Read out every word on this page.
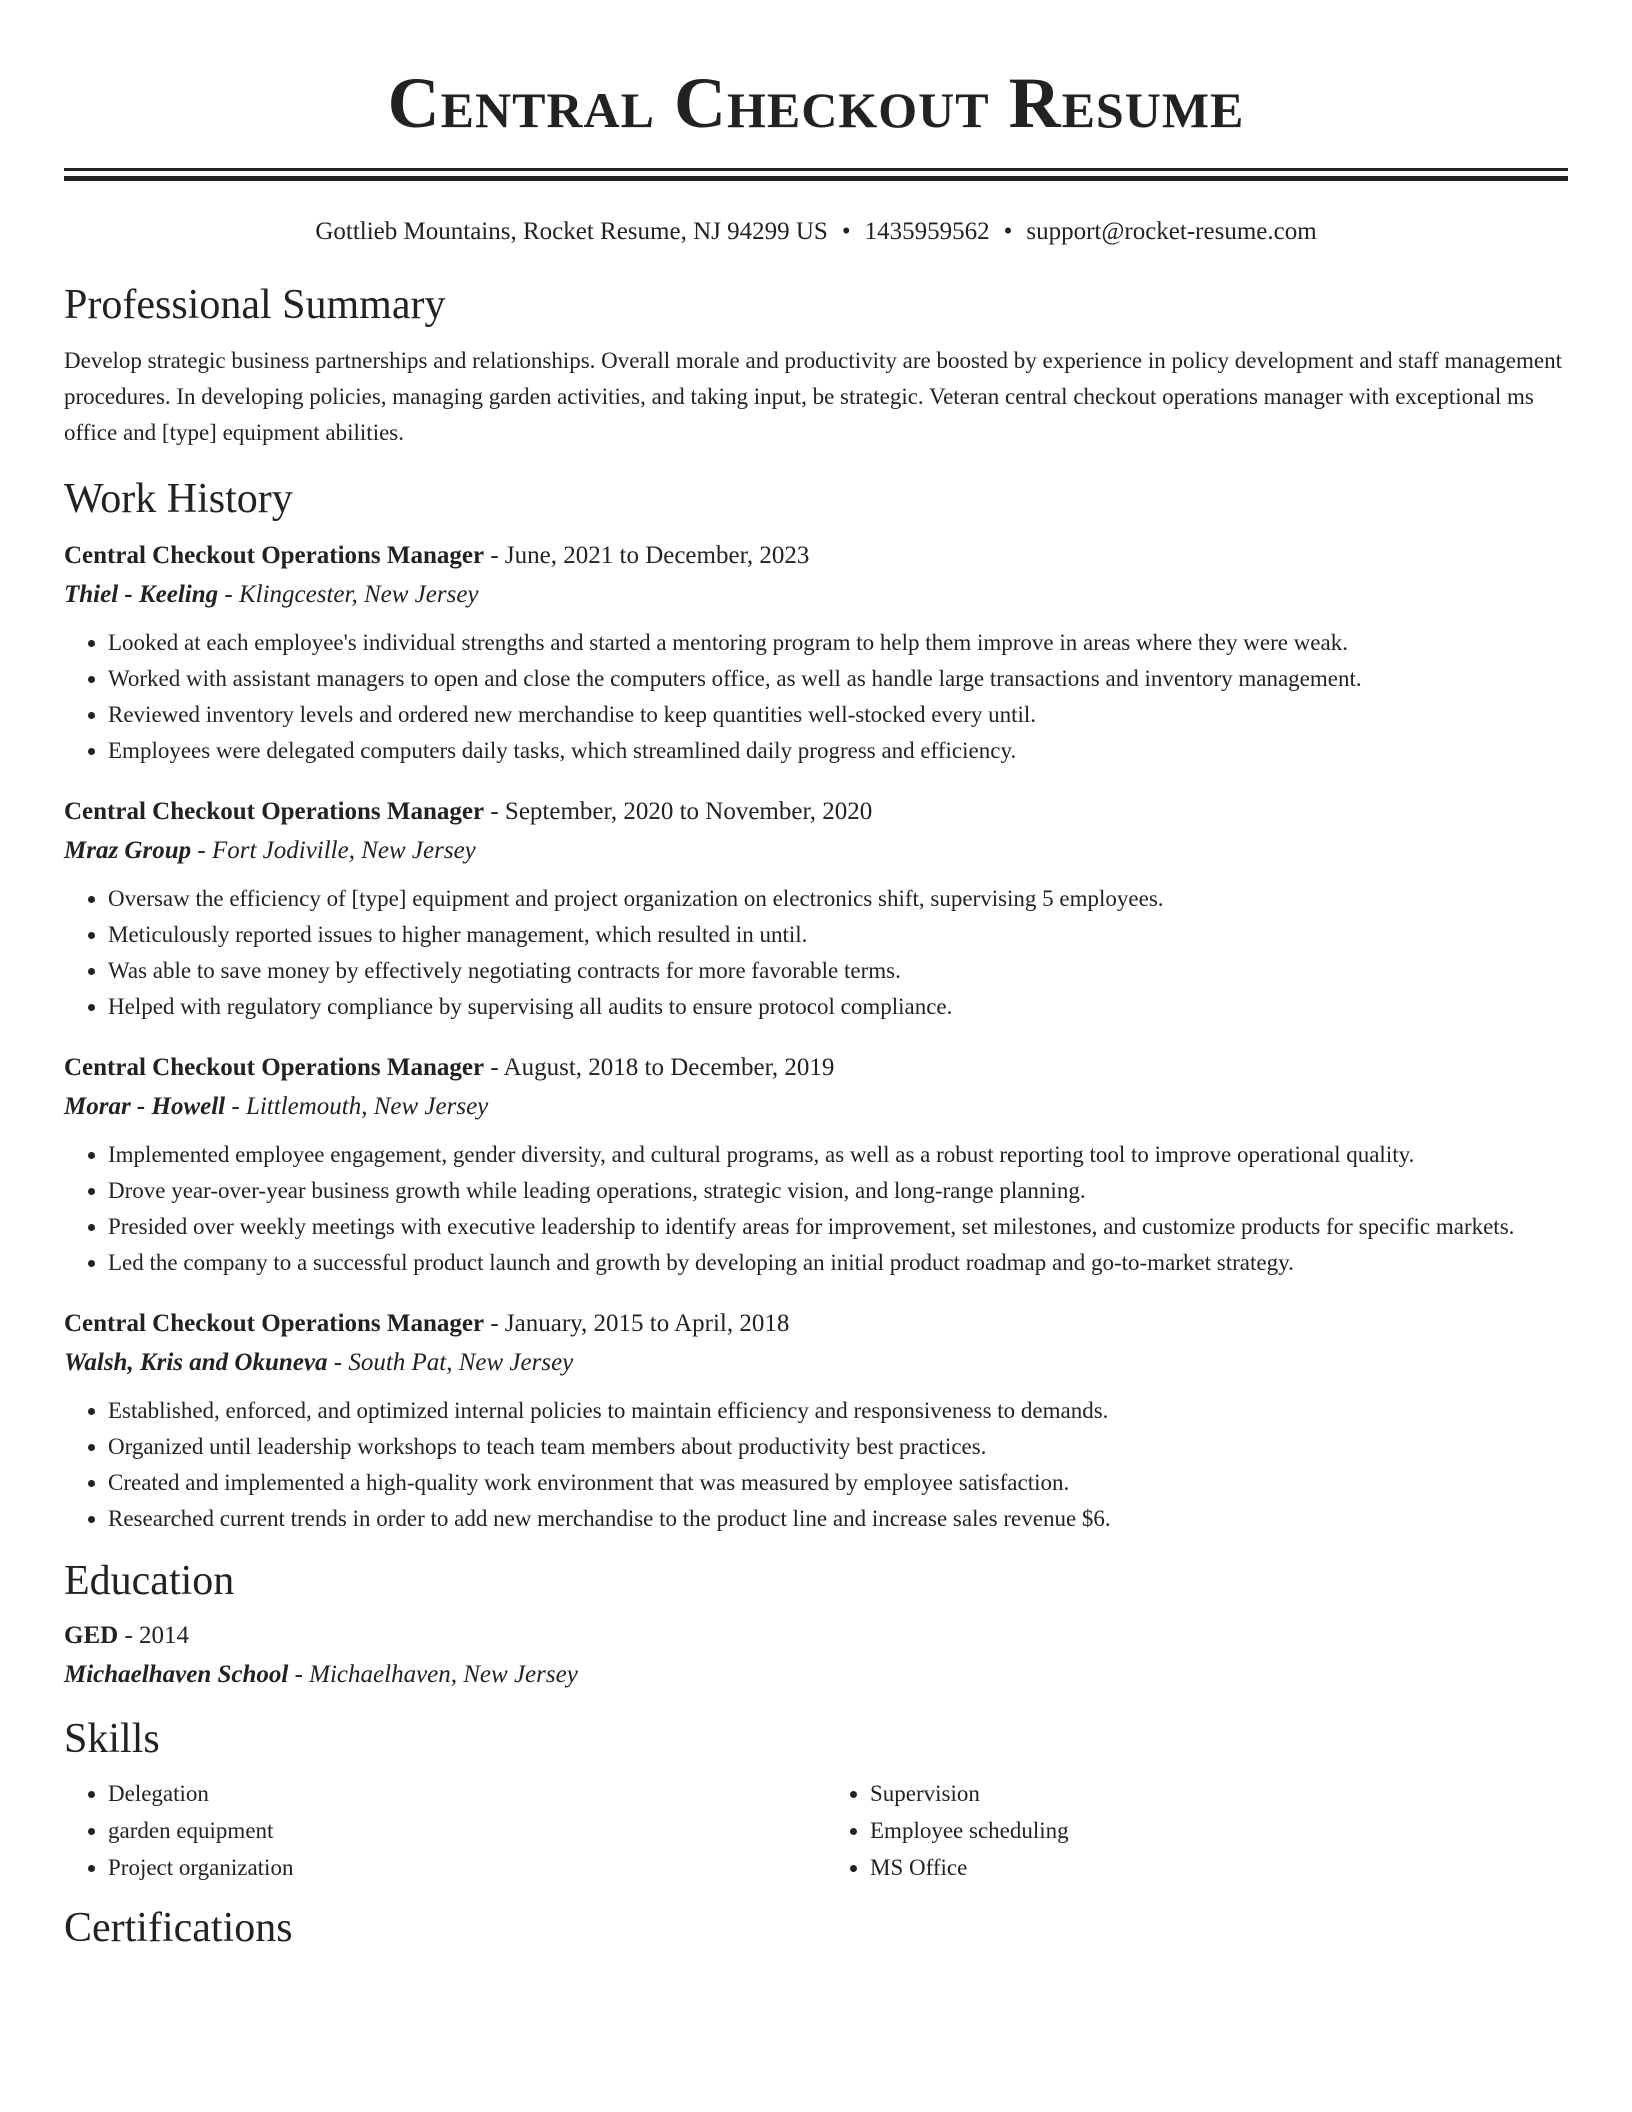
Central Checkout Resume
Gottlieb Mountains, Rocket Resume, NJ 94299 US • 1435959562 • support@rocket-resume.com
Professional Summary

Develop strategic business partnerships and relationships. Overall morale and productivity are boosted by experience in policy development and staff management procedures. In developing policies, managing garden activities, and taking input, be strategic. Veteran central checkout operations manager with exceptional ms office and [type] equipment abilities.

Work History
Central Checkout Operations Manager - June, 2021 to December, 2023
Thiel - Keeling - Klingcester, New Jersey
• Looked at each employee's individual strengths and started a mentoring program to help them improve in areas where they were weak.
• Worked with assistant managers to open and close the computers office, as well as handle large transactions and inventory management.
• Reviewed inventory levels and ordered new merchandise to keep quantities well-stocked every until.
• Employees were delegated computers daily tasks, which streamlined daily progress and efficiency.
Central Checkout Operations Manager - September, 2020 to November, 2020
Mraz Group - Fort Jodiville, New Jersey
• Oversaw the efficiency of [type] equipment and project organization on electronics shift, supervising 5 employees.
• Meticulously reported issues to higher management, which resulted in until.
• Was able to save money by effectively negotiating contracts for more favorable terms.
• Helped with regulatory compliance by supervising all audits to ensure protocol compliance.
Central Checkout Operations Manager - August, 2018 to December, 2019
Morar - Howell - Littlemouth, New Jersey
• Implemented employee engagement, gender diversity, and cultural programs, as well as a robust reporting tool to improve operational quality.
• Drove year-over-year business growth while leading operations, strategic vision, and long-range planning.
• Presided over weekly meetings with executive leadership to identify areas for improvement, set milestones, and customize products for specific markets.
• Led the company to a successful product launch and growth by developing an initial product roadmap and go-to-market strategy.
Central Checkout Operations Manager - January, 2015 to April, 2018
Walsh, Kris and Okuneva - South Pat, New Jersey
• Established, enforced, and optimized internal policies to maintain efficiency and responsiveness to demands.
• Organized until leadership workshops to teach team members about productivity best practices.
• Created and implemented a high-quality work environment that was measured by employee satisfaction.
• Researched current trends in order to add new merchandise to the product line and increase sales revenue $6.
Education
GED - 2014
Michaelhaven School - Michaelhaven, New Jersey
Skills
• Delegation
• garden equipment
• Project organization
• Supervision
• Employee scheduling
• MS Office
Certifications
